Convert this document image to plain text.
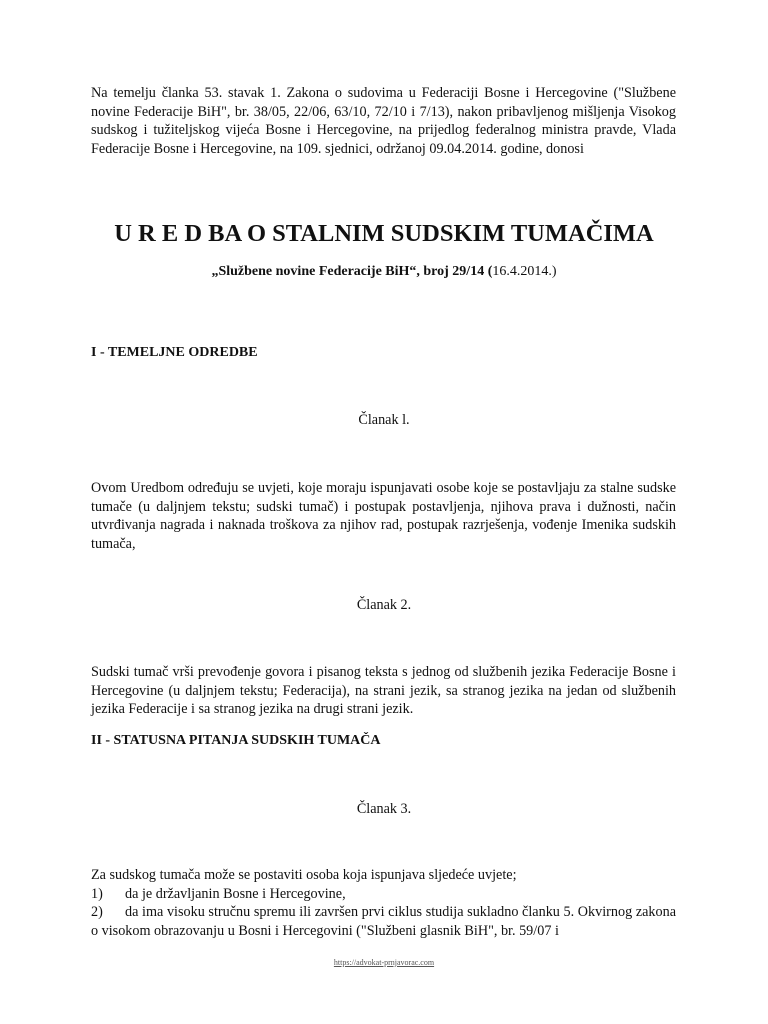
Na temelju članka 53. stavak 1. Zakona o sudovima u Federaciji Bosne i Hercegovine ("Službene novine Federacije BiH", br. 38/05, 22/06, 63/10, 72/10 i 7/13), nakon pribavljenog mišljenja Visokog sudskog i tužiteljskog vijeća Bosne i Hercegovine, na prijedlog federalnog ministra pravde, Vlada Federacije Bosne i Hercegovine, na 109. sjednici, održanoj 09.04.2014. godine, donosi

U R E D BA O STALNIM SUDSKIM TUMAČIMA

„Službene novine Federacije BiH“, broj 29/14 (16.4.2014.)

I - TEMELJNE ODREDBE

Članak l.

Ovom Uredbom određuju se uvjeti, koje moraju ispunjavati osobe koje se postavljaju za stalne sudske tumače (u daljnjem tekstu; sudski tumač) i postupak postavljenja, njihova prava i dužnosti, način utvrđivanja nagrada i naknada troškova za njihov rad, postupak razrješenja, vođenje Imenika sudskih tumača,

Članak 2.

Sudski tumač vrši prevođenje govora i pisanog teksta s jednog od službenih jezika Federacije Bosne i Hercegovine (u daljnjem tekstu; Federacija), na strani jezik, sa stranog jezika na jedan od službenih jezika Federacije i sa stranog jezika na drugi strani jezik.

II - STATUSNA PITANJA SUDSKIH TUMAČA

Članak 3.

Za sudskog tumača može se postaviti osoba koja ispunjava sljedeće uvjete;
1) da je državljanin Bosne i Hercegovine,
2) da ima visoku stručnu spremu ili završen prvi ciklus studija sukladno članku 5. Okvirnog zakona o visokom obrazovanju u Bosni i Hercegovini ("Službeni glasnik BiH", br. 59/07 i
https://advokat-prnjavorac.com
